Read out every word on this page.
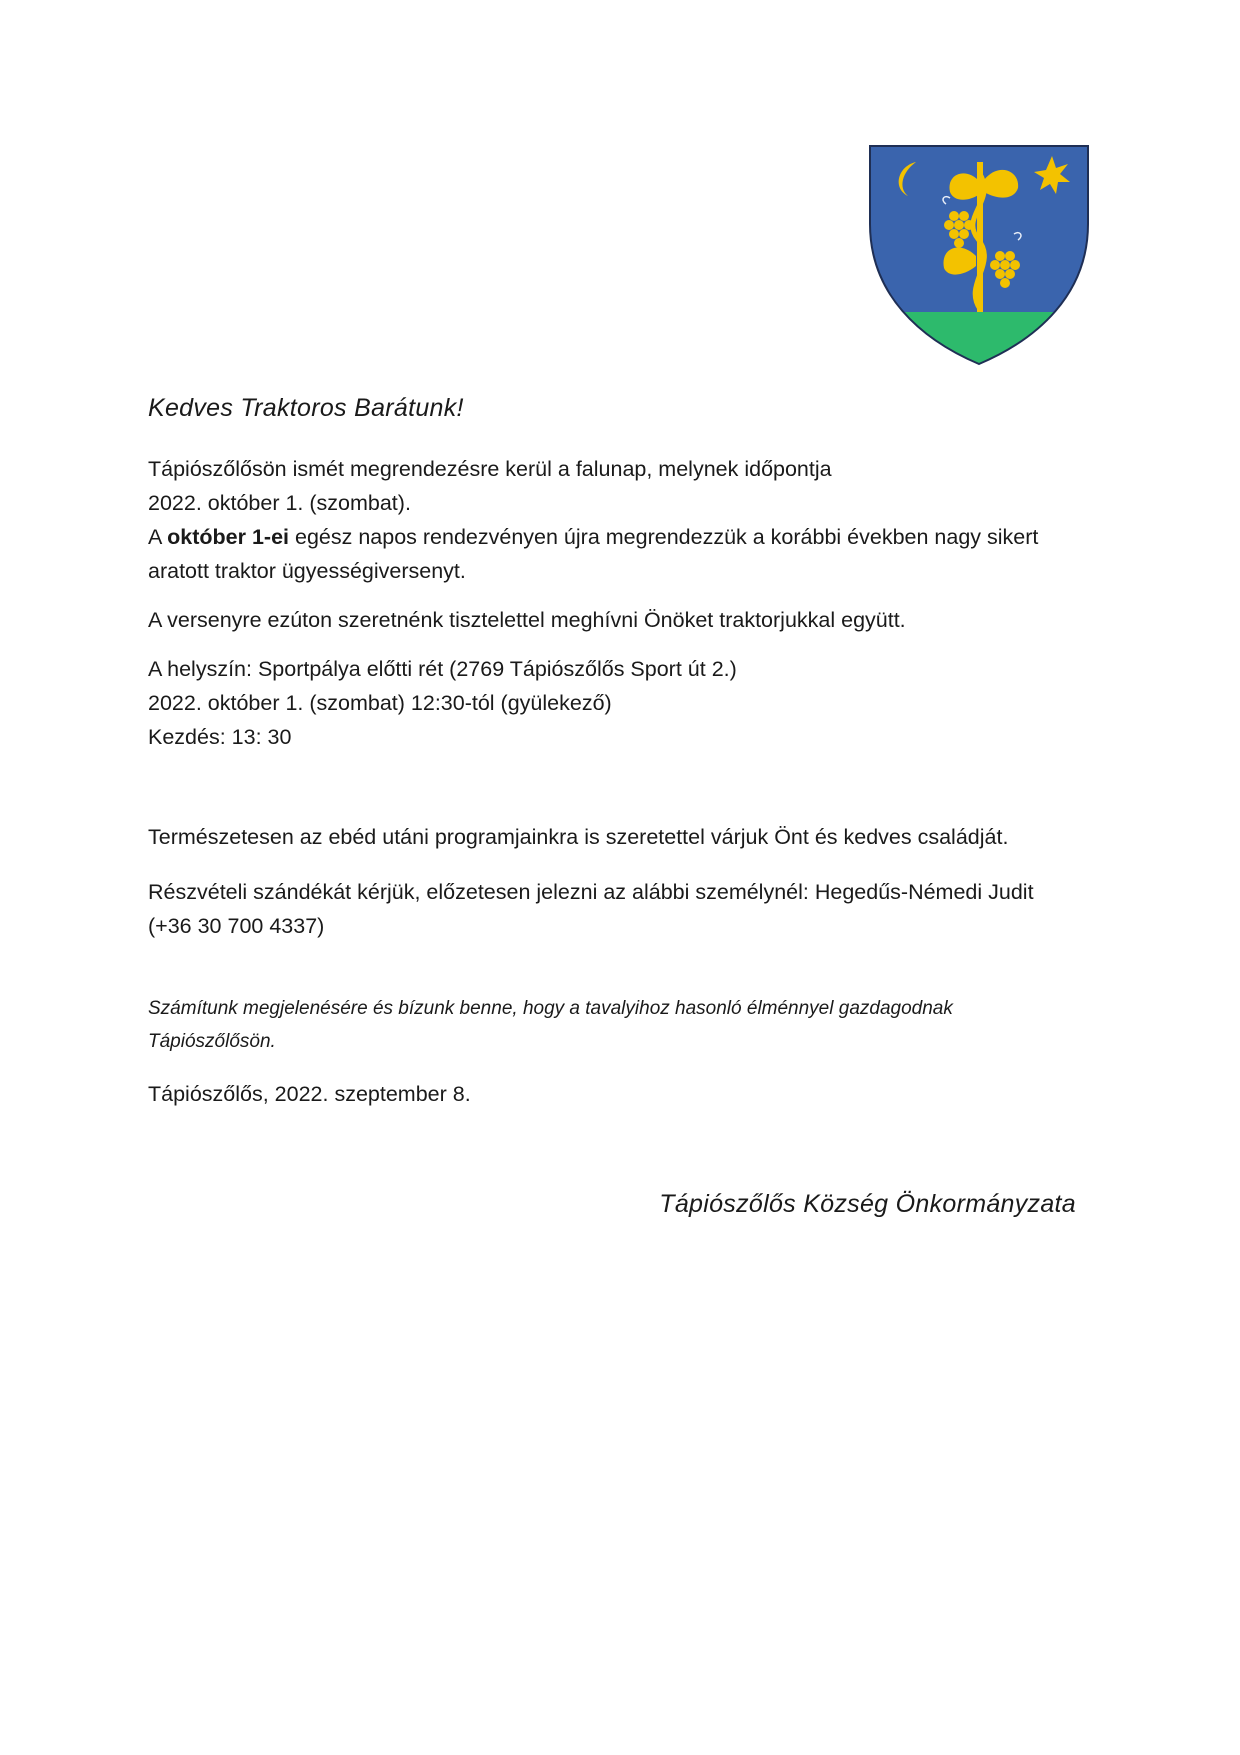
Kedves Traktoros Barátunk!

Tápiószőlősön ismét megrendezésre kerül a falunap, melynek időpontja

2022. október 1. (szombat).

A október 1-ei egész napos rendezvényen újra megrendezzük a korábbi években nagy sikert

aratott traktor ügyességiversenyt.

A versenyre ezúton szeretnénk tisztelettel meghívni Önöket traktorjukkal együtt.

A helyszín: Sportpálya előtti rét (2769 Tápiószőlős Sport út 2.)

2022. október 1. (szombat) 12:30-tól (gyülekező)

Kezdés: 13: 30

Természetesen az ebéd utáni programjainkra is szeretettel várjuk Önt és kedves családját.

Részvételi szándékát kérjük, előzetesen jelezni az alábbi személynél: Hegedűs-Némedi Judit

(+36 30 700 4337)

Számítunk megjelenésére és bízunk benne, hogy a tavalyihoz hasonló élménnyel gazdagodnak

Tápiószőlősön.

Tápiószőlős, 2022. szeptember 8.

Tápiószőlős Község Önkormányzata
